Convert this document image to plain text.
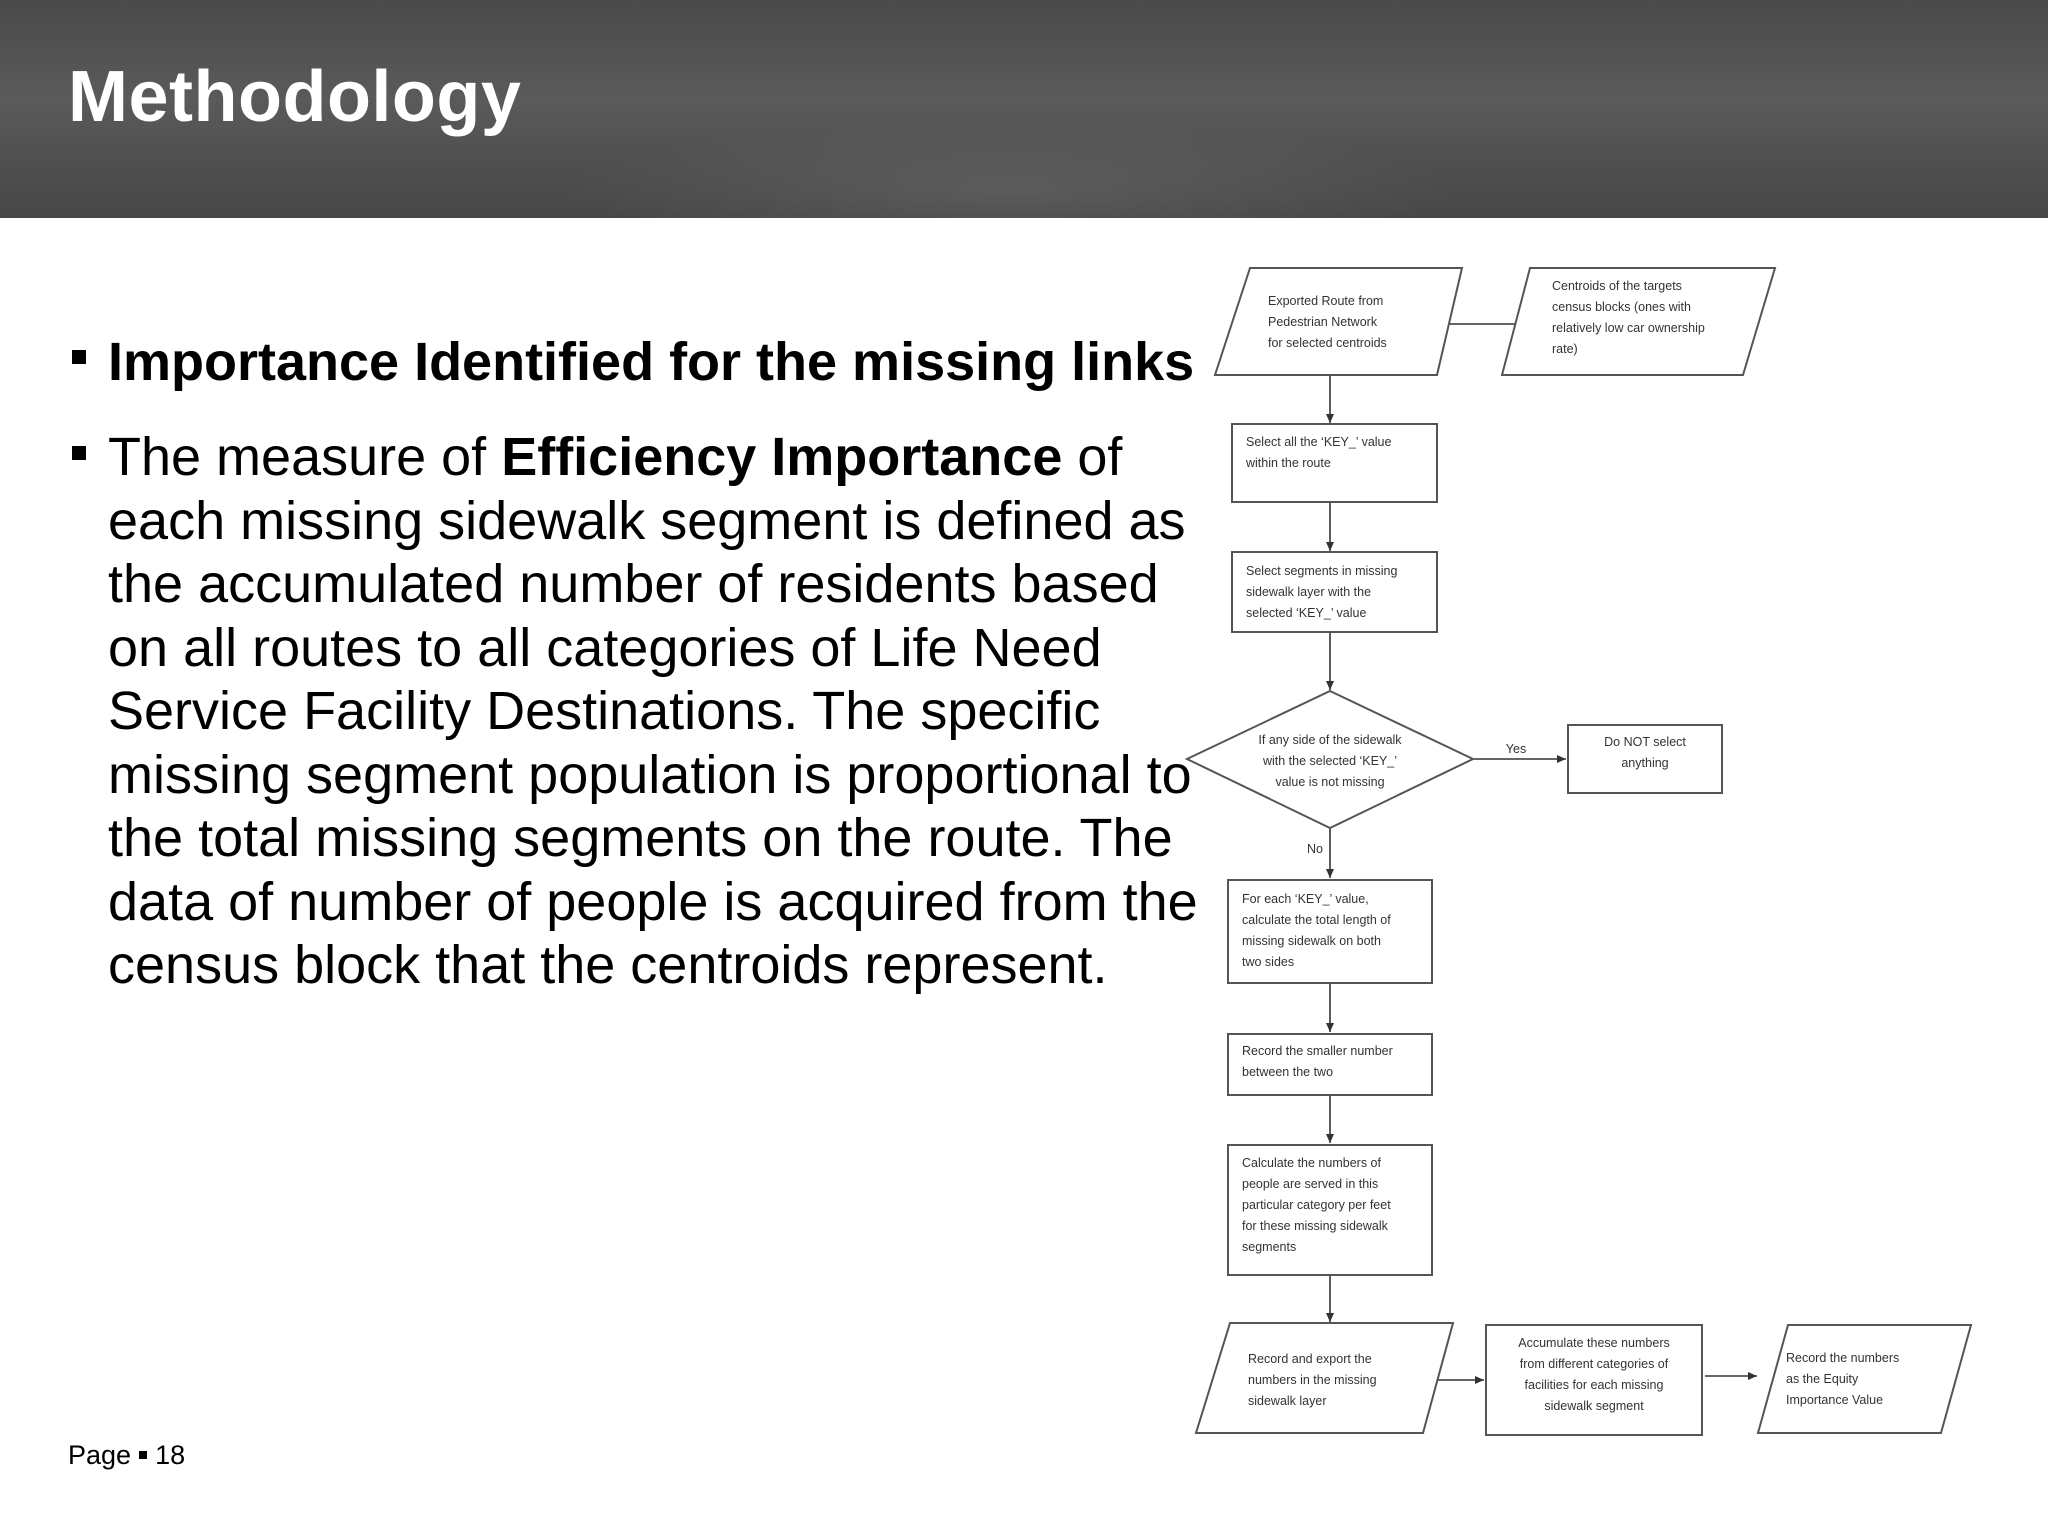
Methodology
Importance Identified for the missing links
The measure of Efficiency Importance of each missing sidewalk segment is defined as the accumulated number of residents based on all routes to all categories of Life Need Service Facility Destinations. The specific missing segment population is proportional to the total missing segments on the route. The data of number of people is acquired from the census block that the centroids represent.
Page 18
Exported Route from
Pedestrian Network
for selected centroids
Centroids of the targets
census blocks (ones with
relatively low car ownership
rate)
Select all the ‘KEY_’ value
within the route
Select segments in missing
sidewalk layer with the
selected ‘KEY_’ value
If any side of the sidewalk
with the selected ‘KEY_’
value is not missing
Yes
No
Do NOT select
anything
For each ‘KEY_’ value,
calculate the total length of
missing sidewalk on both
two sides
Record the smaller number
between the two
Calculate the numbers of
people are served in this
particular category per feet
for these missing sidewalk
segments
Record and export the
numbers in the missing
sidewalk layer
Accumulate these numbers
from different categories of
facilities for each missing
sidewalk segment
Record the numbers
as the Equity
Importance Value
